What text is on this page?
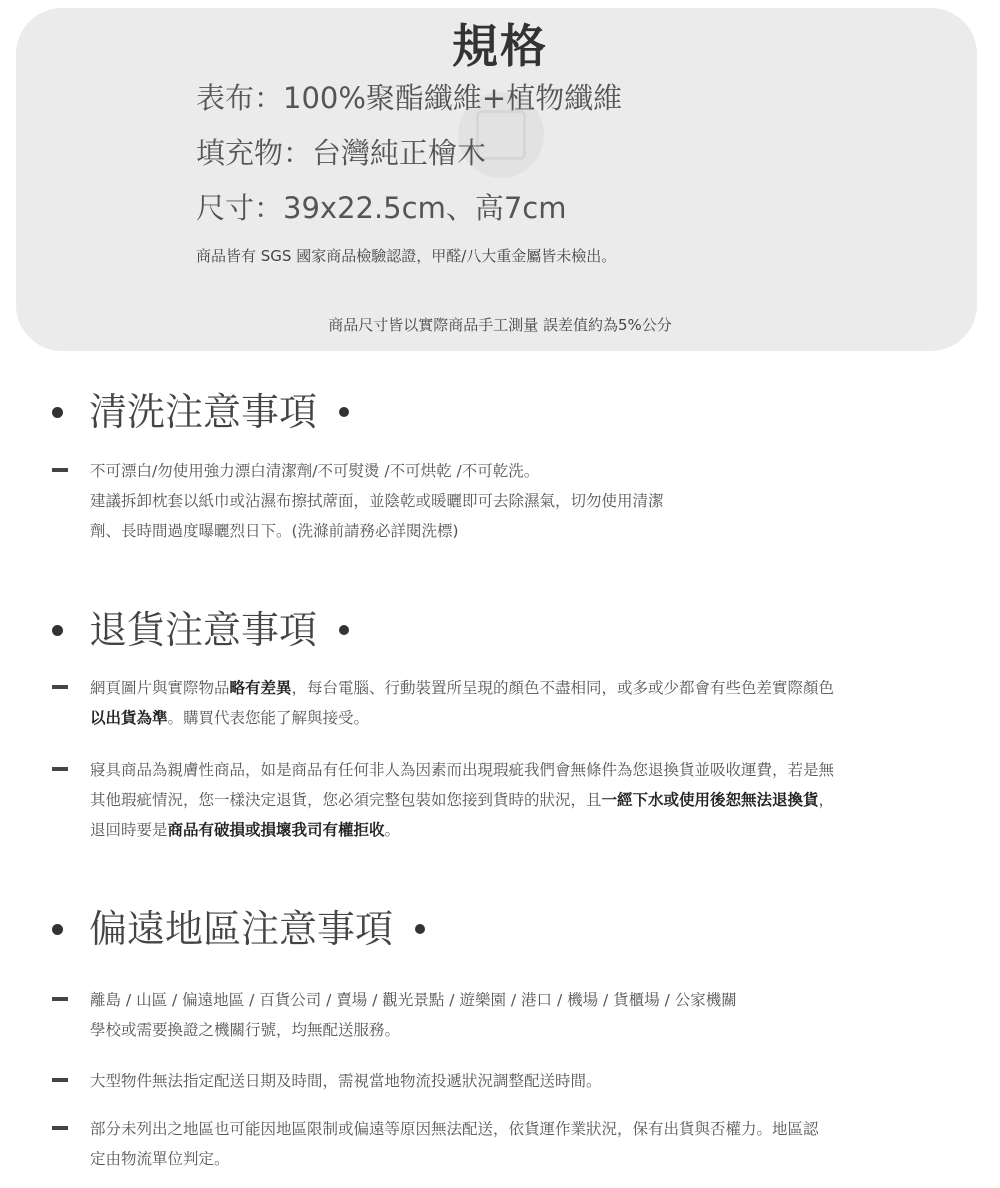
規格

表布：100%聚酯纖維+植物纖維

填充物：台灣純正檜木

尺寸：39x22.5cm、高7cm

商品皆有 SGS 國家商品檢驗認證，甲醛/八大重金屬皆未檢出。

商品尺寸皆以實際商品手工測量 誤差值約為5%公分

清洗注意事項

不可漂白/勿使用強力漂白清潔劑/不可熨燙 /不可烘乾 /不可乾洗。
建議拆卸枕套以紙巾或沾濕布擦拭蓆面，並陰乾或暖曬即可去除濕氣，切勿使用清潔
劑、長時間過度曝曬烈日下。(洗滌前請務必詳閱洗標)

退貨注意事項

網頁圖片與實際物品略有差異，每台電腦、行動裝置所呈現的顏色不盡相同，或多或少都會有些色差實際顏色
以出貨為準。購買代表您能了解與接受。

寢具商品為親膚性商品，如是商品有任何非人為因素而出現瑕疵我們會無條件為您退換貨並吸收運費，若是無
其他瑕疵情況，您一樣決定退貨，您必須完整包裝如您接到貨時的狀況，且一經下水或使用後恕無法退換貨，
退回時要是商品有破損或損壞我司有權拒收。

偏遠地區注意事項

離島 / 山區 / 偏遠地區 / 百貨公司 / 賣場 / 觀光景點 / 遊樂園 / 港口 / 機場 / 貨櫃場 / 公家機關
學校或需要換證之機關行號，均無配送服務。

大型物件無法指定配送日期及時間，需視當地物流投遞狀況調整配送時間。

部分未列出之地區也可能因地區限制或偏遠等原因無法配送，依貨運作業狀況，保有出貨與否權力。地區認
定由物流單位判定。
